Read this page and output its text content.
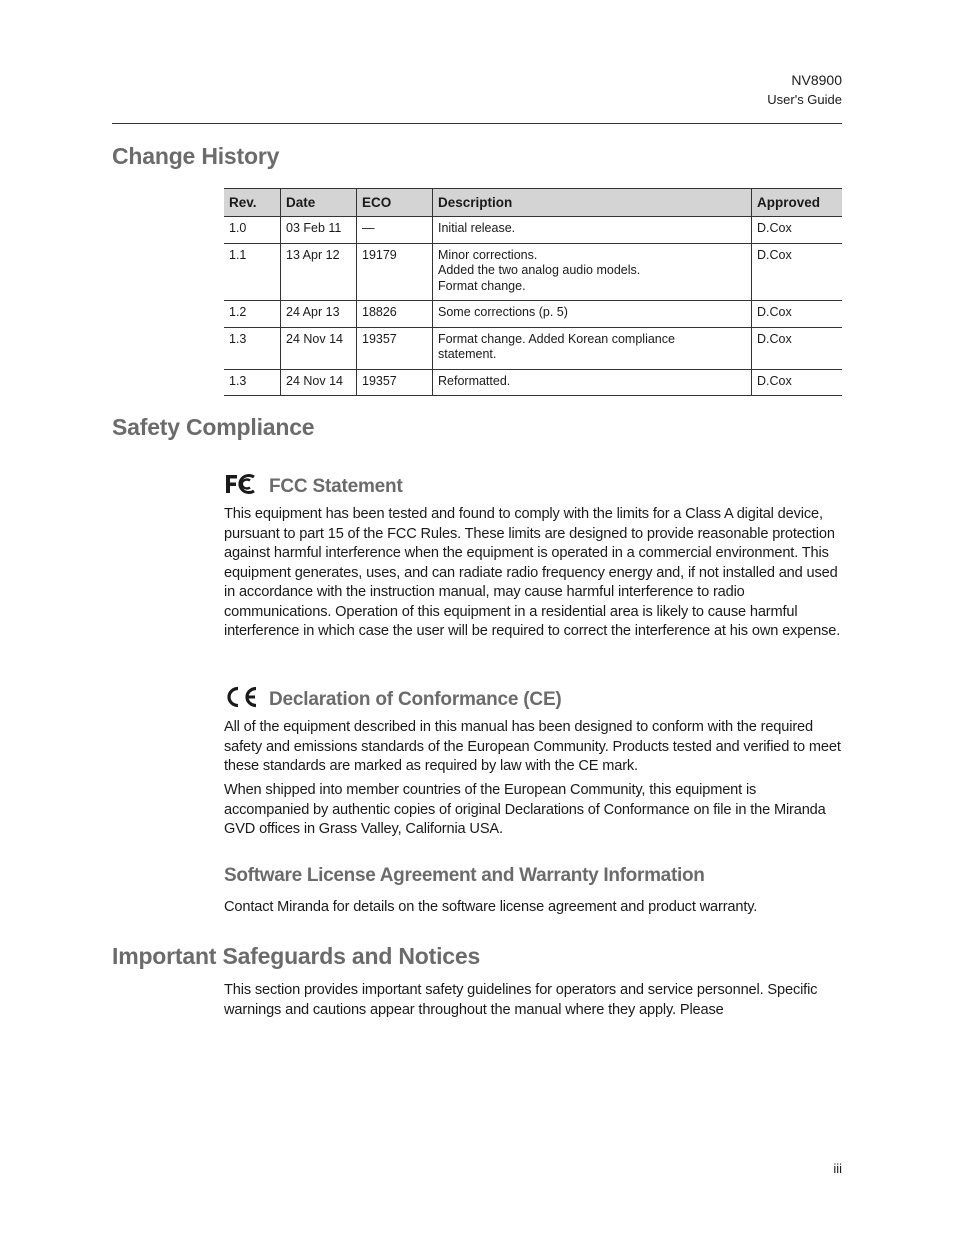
NV8900
User's Guide
Change History
Rev.	Date	ECO	Description	Approved
1.0	03 Feb 11	—	Initial release.	D.Cox
1.1	13 Apr 12	19179	Minor corrections.
Added the two analog audio models.
Format change.	D.Cox
1.2	24 Apr 13	18826	Some corrections (p. 5)	D.Cox
1.3	24 Nov 14	19357	Format change. Added Korean compliance
statement.	D.Cox
1.3	24 Nov 14	19357	Reformatted.	D.Cox
Safety Compliance
FCC Statement

This equipment has been tested and found to comply with the limits for a Class A digital device, pursuant to part 15 of the FCC Rules. These limits are designed to provide reasonable protection against harmful interference when the equipment is operated in a commercial environment. This equipment generates, uses, and can radiate radio frequency energy and, if not installed and used in accordance with the instruction manual, may cause harmful interference to radio communications. Operation of this equipment in a residential area is likely to cause harmful interference in which case the user will be required to correct the interference at his own expense.

Declaration of Conformance (CE)

All of the equipment described in this manual has been designed to conform with the required safety and emissions standards of the European Community. Products tested and verified to meet these standards are marked as required by law with the CE mark.

When shipped into member countries of the European Community, this equipment is accompanied by authentic copies of original Declarations of Conformance on file in the Miranda GVD offices in Grass Valley, California USA.

Software License Agreement and Warranty Information

Contact Miranda for details on the software license agreement and product warranty.

Important Safeguards and Notices

This section provides important safety guidelines for operators and service personnel. Specific warnings and cautions appear throughout the manual where they apply. Please

iii
